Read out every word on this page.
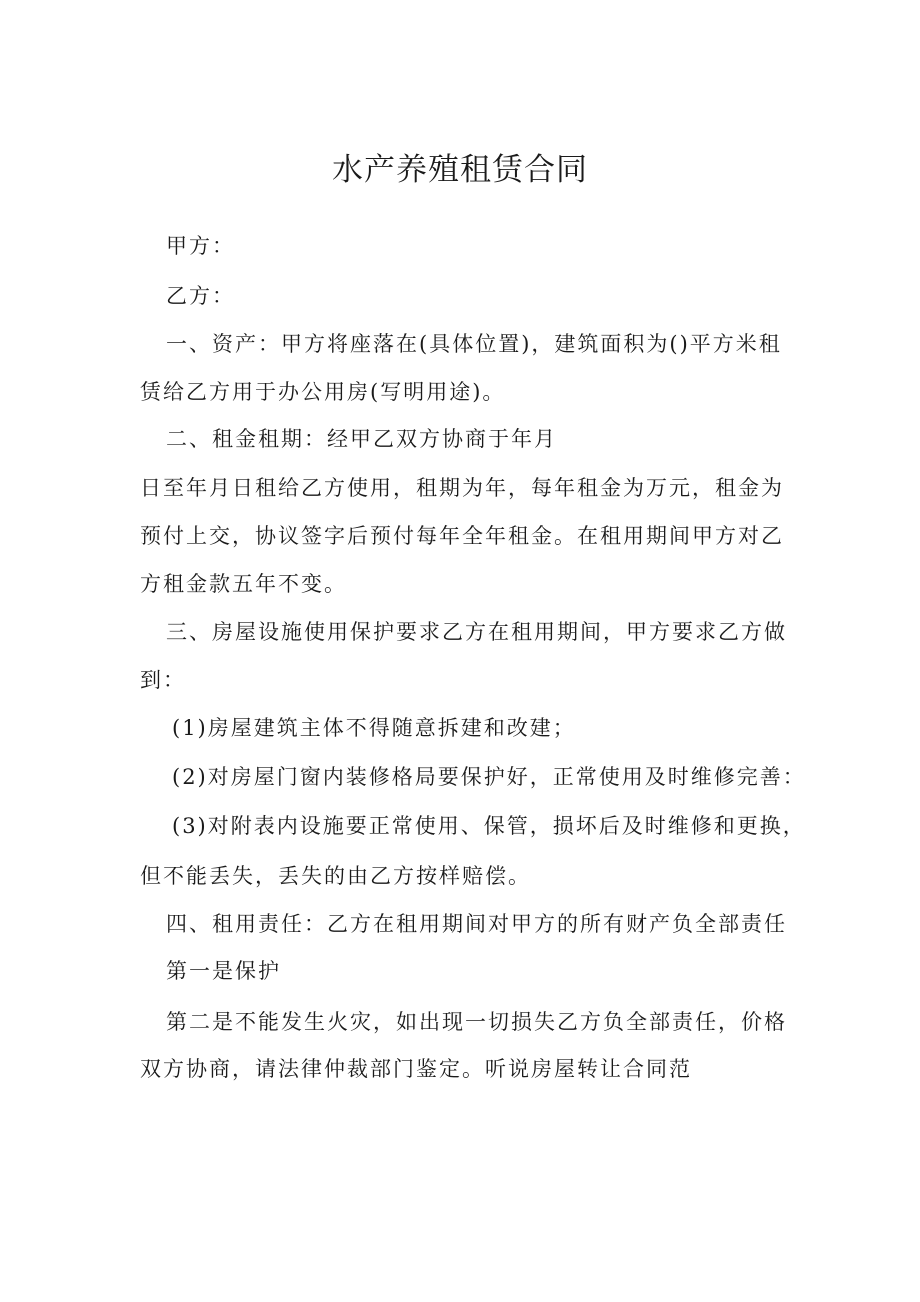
水产养殖租赁合同

甲方：

乙方：

一、资产：甲方将座落在(具体位置)，建筑面积为()平方米租

赁给乙方用于办公用房(写明用途)。

二、租金租期：经甲乙双方协商于年月

日至年月日租给乙方使用，租期为年，每年租金为万元，租金为

预付上交，协议签字后预付每年全年租金。在租用期间甲方对乙

方租金款五年不变。

三、房屋设施使用保护要求乙方在租用期间，甲方要求乙方做

到：

(1)房屋建筑主体不得随意拆建和改建；

(2)对房屋门窗内装修格局要保护好，正常使用及时维修完善：

(3)对附表内设施要正常使用、保管，损坏后及时维修和更换，

但不能丢失，丢失的由乙方按样赔偿。

四、租用责任：乙方在租用期间对甲方的所有财产负全部责任

第一是保护

第二是不能发生火灾，如出现一切损失乙方负全部责任，价格

双方协商，请法律仲裁部门鉴定。听说房屋转让合同范
